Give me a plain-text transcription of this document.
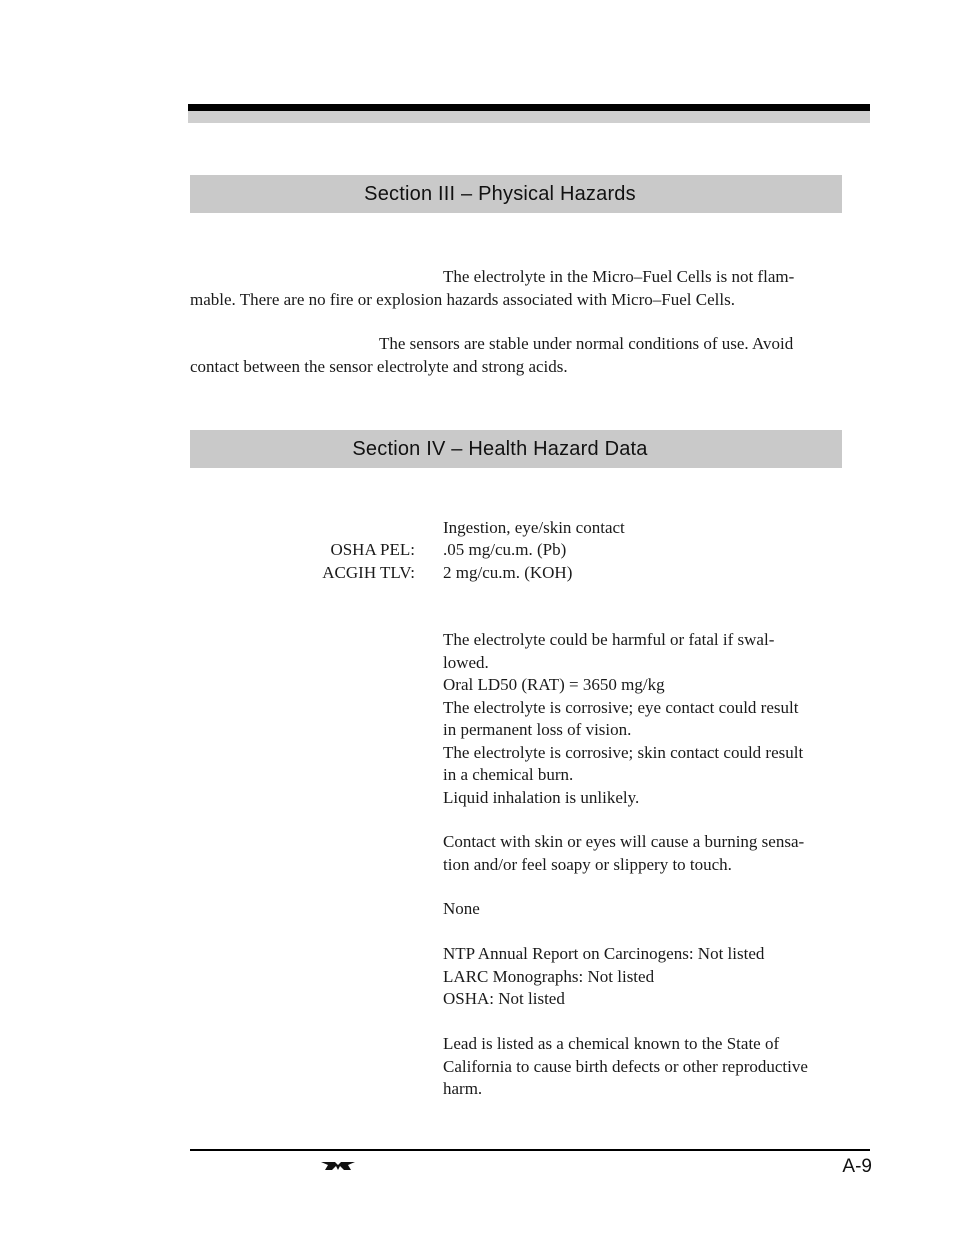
Section III – Physical Hazards

The electrolyte in the Micro–Fuel Cells is not flam-
mable. There are no fire or explosion hazards associated with Micro–Fuel Cells.

The sensors are stable under normal conditions of use. Avoid
contact between the sensor electrolyte and strong acids.

Section IV – Health Hazard Data
Ingestion, eye/skin contact
OSHA PEL:
ACGIH TLV:
.05 mg/cu.m. (Pb)
2 mg/cu.m. (KOH)
The electrolyte could be harmful or fatal if swal-
lowed.
Oral LD50 (RAT) = 3650 mg/kg
The electrolyte is corrosive; eye contact could result
in permanent loss of vision.
The electrolyte is corrosive; skin contact could result
in a chemical burn.
Liquid inhalation is unlikely.
Contact with skin or eyes will cause a burning sensa-
tion and/or feel soapy or slippery to touch.
None
NTP Annual Report on Carcinogens: Not listed
LARC Monographs: Not listed
OSHA: Not listed
Lead is listed as a chemical known to the State of
California to cause birth defects or other reproductive
harm.
A-9
